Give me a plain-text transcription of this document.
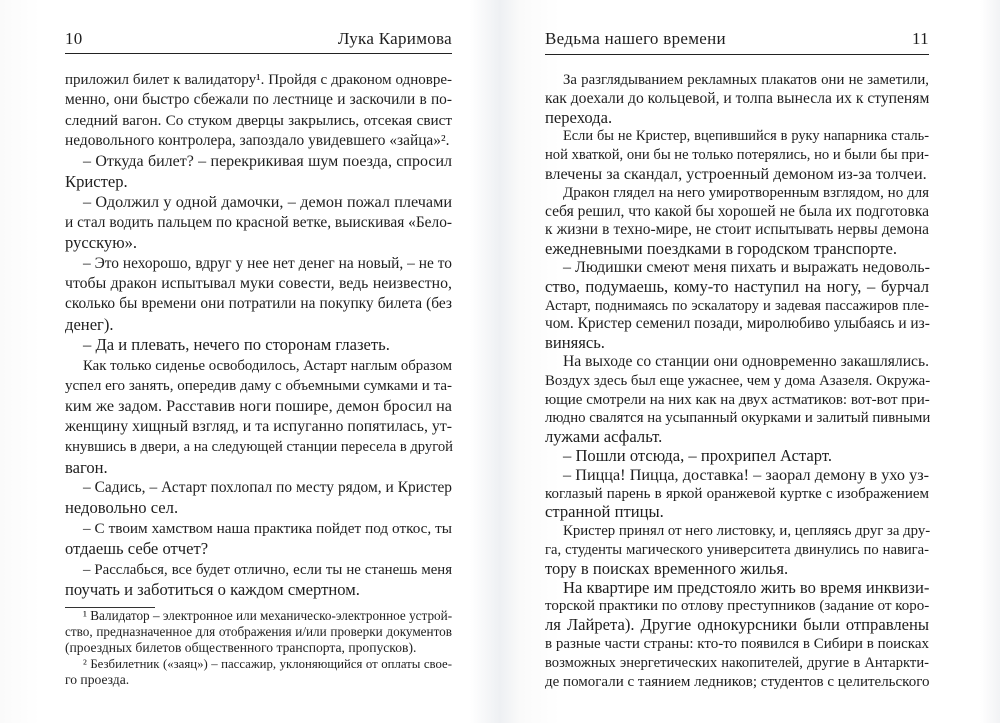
10	Лука Каримова
приложил билет к валидатору¹. Пройдя с драконом одновре-
менно, они быстро сбежали по лестнице и заскочили в по-
следний вагон. Со стуком дверцы закрылись, отсекая свист
недовольного контролера, запоздало увидевшего «зайца»².
– Откуда билет? – перекрикивая шум поезда, спросил
Кристер.
– Одолжил у одной дамочки, – демон пожал плечами
и стал водить пальцем по красной ветке, выискивая «Бело-
русскую».
– Это нехорошо, вдруг у нее нет денег на новый, – не то
чтобы дракон испытывал муки совести, ведь неизвестно,
сколько бы времени они потратили на покупку билета (без
денег).
– Да и плевать, нечего по сторонам глазеть.
Как только сиденье освободилось, Астарт наглым образом
успел его занять, опередив даму с объемными сумками и та-
ким же задом. Расставив ноги пошире, демон бросил на
женщину хищный взгляд, и та испуганно попятилась, ут-
кнувшись в двери, а на следующей станции пересела в другой
вагон.
– Садись, – Астарт похлопал по месту рядом, и Кристер
недовольно сел.
– С твоим хамством наша практика пойдет под откос, ты
отдаешь себе отчет?
– Расслабься, все будет отлично, если ты не станешь меня
поучать и заботиться о каждом смертном.
¹ Валидатор – электронное или механическо-электронное устрой-
ство, предназначенное для отображения и/или проверки документов
(проездных билетов общественного транспорта, пропусков).
² Безбилетник («заяц») – пассажир, уклоняющийся от оплаты свое-
го проезда.
Ведьма нашего времени	11
За разглядыванием рекламных плакатов они не заметили,
как доехали до кольцевой, и толпа вынесла их к ступеням
перехода.
Если бы не Кристер, вцепившийся в руку напарника сталь-
ной хваткой, они бы не только потерялись, но и были бы при-
влечены за скандал, устроенный демоном из-за толчеи.
Дракон глядел на него умиротворенным взглядом, но для
себя решил, что какой бы хорошей не была их подготовка
к жизни в техно-мире, не стоит испытывать нервы демона
ежедневными поездками в городском транспорте.
– Людишки смеют меня пихать и выражать недоволь-
ство, подумаешь, кому-то наступил на ногу, – бурчал
Астарт, поднимаясь по эскалатору и задевая пассажиров пле-
чом. Кристер семенил позади, миролюбиво улыбаясь и из-
виняясь.
На выходе со станции они одновременно закашлялись.
Воздух здесь был еще ужаснее, чем у дома Азазеля. Окружа-
ющие смотрели на них как на двух астматиков: вот-вот при-
людно свалятся на усыпанный окурками и залитый пивными
лужами асфальт.
– Пошли отсюда, – прохрипел Астарт.
– Пицца! Пицца, доставка! – заорал демону в ухо уз-
коглазый парень в яркой оранжевой куртке с изображением
странной птицы.
Кристер принял от него листовку, и, цепляясь друг за дру-
га, студенты магического университета двинулись по навига-
тору в поисках временного жилья.
На квартире им предстояло жить во время инквизи-
торской практики по отлову преступников (задание от коро-
ля Лайрета). Другие однокурсники были отправлены
в разные части страны: кто-то появился в Сибири в поисках
возможных энергетических накопителей, другие в Антаркти-
де помогали с таянием ледников; студентов с целительского
